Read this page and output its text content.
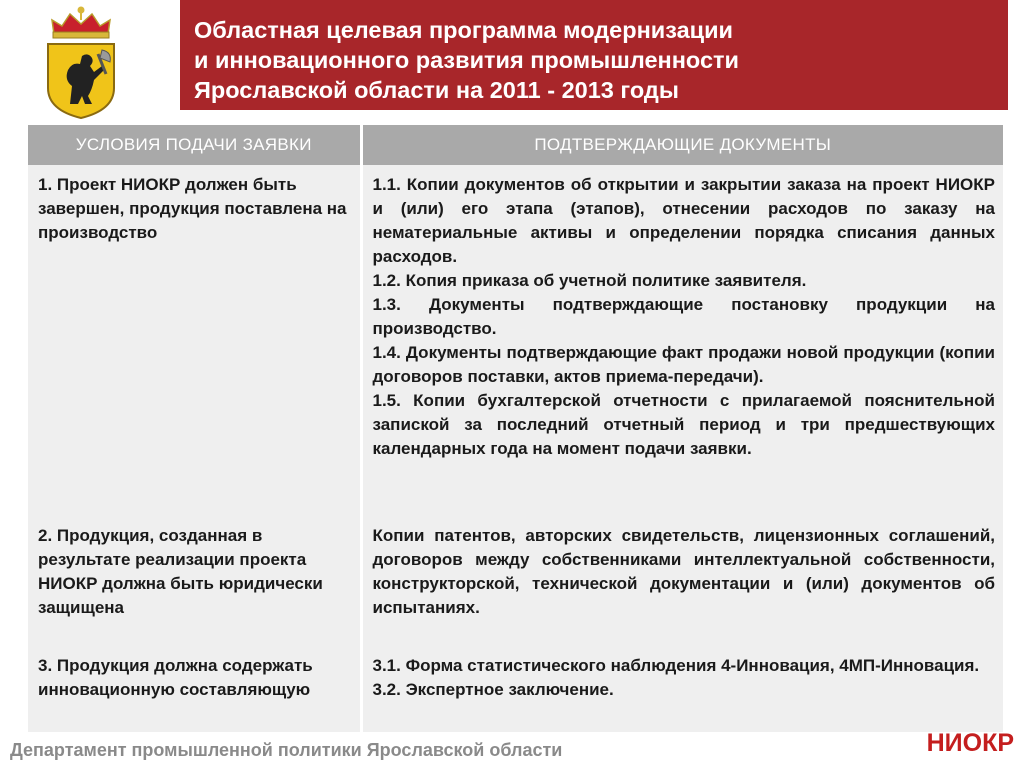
Областная целевая программа модернизации
и инновационного развития промышленности
Ярославской области на 2011 - 2013 годы
УСЛОВИЯ ПОДАЧИ ЗАЯВКИ	ПОДТВЕРЖДАЮЩИЕ ДОКУМЕНТЫ
1. Проект НИОКР должен быть завершен, продукция поставлена на производство	1.1. Копии документов об открытии и закрытии заказа на проект НИОКР и (или) его этапа (этапов), отнесении расходов по заказу на нематериальные активы и определении порядка списания данных расходов.
1.2. Копия приказа об учетной политике заявителя.
1.3. Документы подтверждающие постановку продукции на производство.
1.4. Документы подтверждающие факт продажи новой продукции (копии договоров поставки, актов приема-передачи).
1.5. Копии бухгалтерской отчетности с прилагаемой пояснительной запиской за последний отчетный период и три предшествующих календарных года на момент подачи заявки.

2. Продукция, созданная в результате реализации проекта НИОКР должна быть юридически защищена	Копии патентов, авторских свидетельств, лицензионных соглашений, договоров между собственниками интеллектуальной собственности, конструкторской, технической документации и (или) документов об испытаниях.

3. Продукция должна содержать инновационную составляющую	3.1. Форма статистического наблюдения 4-Инновация, 4МП-Инновация.
3.2. Экспертное заключение.
Департамент промышленной политики Ярославской области	НИОКР
